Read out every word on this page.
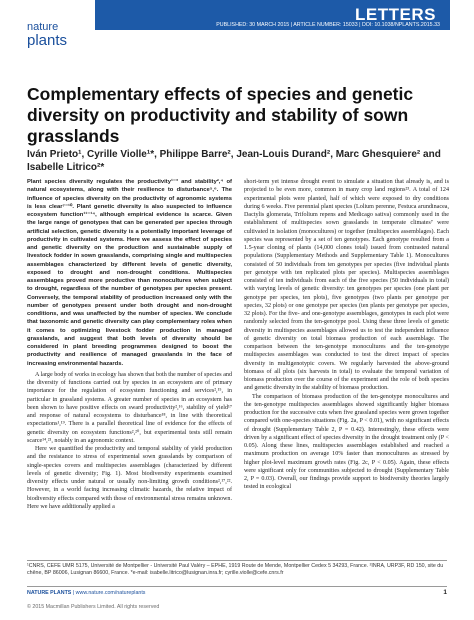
nature
plants
LETTERS
PUBLISHED: 30 MARCH 2015 | ARTICLE NUMBER: 15033 | DOI: 10.1038/NPLANTS.2015.33
Complementary effects of species and genetic diversity on productivity and stability of sown grasslands
Iván Prieto¹, Cyrille Violle¹*, Philippe Barre², Jean-Louis Durand², Marc Ghesquiere² and Isabelle Litrico²*

Plant species diversity regulates the productivity¹⁻³ and stability²,⁴ of natural ecosystems, along with their resilience to disturbance⁵,⁶. The influence of species diversity on the productivity of agronomic systems is less clear⁷⁻¹⁰. Plant genetic diversity is also suspected to influence ecosystem function¹¹⁻¹⁴, although empirical evidence is scarce. Given the large range of genotypes that can be generated per species through artificial selection, genetic diversity is a potentially important leverage of productivity in cultivated systems. Here we assess the effect of species and genetic diversity on the production and sustainable supply of livestock fodder in sown grasslands, comprising single and multispecies assemblages characterized by different levels of genetic diversity, exposed to drought and non-drought conditions. Multispecies assemblages proved more productive than monocultures when subject to drought, regardless of the number of genotypes per species present. Conversely, the temporal stability of production increased only with the number of genotypes present under both drought and non-drought conditions, and was unaffected by the number of species. We conclude that taxonomic and genetic diversity can play complementary roles when it comes to optimizing livestock fodder production in managed grasslands, and suggest that both levels of diversity should be considered in plant breeding programmes designed to boost the productivity and resilience of managed grasslands in the face of increasing environmental hazards.

A large body of works in ecology has shown that both the number of species and the diversity of functions carried out by species in an ecosystem are of primary importance for the regulation of ecosystem functioning and services²,¹⁵, in particular in grassland systems. A greater number of species in an ecosystem has been shown to have positive effects on sward productivity²,¹⁶, stability of yield¹⁷ and response of natural ecosystems to disturbance¹⁸, in line with theoretical expectations¹,¹⁹. There is a parallel theoretical line of evidence for the effects of genetic diversity on ecosystem functions²,²⁰, but experimental tests still remain scarce¹⁴,²¹, notably in an agronomic context.

Here we quantified the productivity and temporal stability of yield production and the resistance to stress of experimental sown grasslands by comparison of single-species covers and multispecies assemblages (characterized by different levels of genetic diversity; Fig. 1). Most biodiversity experiments examined diversity effects under natural or usually non-limiting growth conditions²,¹⁷,²². However, in a world facing increasing climatic hazards, the relative impact of biodiversity effects compared with those of environmental stress remains unknown. Here we have additionally applied a

short-term yet intense drought event to simulate a situation that already is, and is projected to be even more, common in many crop land regions²³. A total of 124 experimental plots were planted, half of which were exposed to dry conditions during 6 weeks. Five perennial plant species (Lolium perenne, Festuca arundinacea, Dactylis glomerata, Trifolium repens and Medicago sativa) commonly used in the establishment of multispecies sown grasslands in temperate climates⁷ were cultivated in isolation (monocultures) or together (multispecies assemblages). Each species was represented by a set of ten genotypes. Each genotype resulted from a 1.5-year cloning of plants (14,000 clones total) issued from contrasted natural populations (Supplementary Methods and Supplementary Table 1). Monocultures consisted of 50 individuals from ten genotypes per species (five individual plants per genotype with ten replicated plots per species). Multispecies assemblages consisted of ten individuals from each of the five species (50 individuals in total) with varying levels of genetic diversity: ten genotypes per species (one plant per genotype per species, ten plots), five genotypes (two plants per genotype per species, 32 plots) or one genotype per species (ten plants per genotype per species, 32 plots). For the five- and one-genotype assemblages, genotypes in each plot were randomly selected from the ten-genotype pool. Using these three levels of genetic diversity in multispecies assemblages allowed us to test the independent influence of genetic diversity on total biomass production of each assemblage. The comparison between the ten-genotype monocultures and the ten-genotype multispecies assemblages was conducted to test the direct impact of species diversity in multigenotypic covers. We regularly harvested the above-ground biomass of all plots (six harvests in total) to evaluate the temporal variation of biomass production over the course of the experiment and the role of both species and genetic diversity in the stability of biomass production.

The comparison of biomass production of the ten-genotype monocultures and the ten-genotype multispecies assemblages showed significantly higher biomass production for the successive cuts when five grassland species were grown together compared with one-species situations (Fig. 2a, P < 0.01), with no significant effects of drought (Supplementary Table 2, P = 0.42). Interestingly, these effects were driven by a significant effect of species diversity in the drought treatment only (P < 0.05). Along these lines, multispecies assemblages established and reached a maximum production on average 10% faster than monocultures as stressed by higher plot-level maximum growth rates (Fig. 2c, P < 0.05). Again, these effects were significant only for communities subjected to drought (Supplementary Table 2, P = 0.03). Overall, our findings provide support to biodiversity theories largely tested in ecological

¹CNRS, CEFE UMR 5175, Université de Montpellier - Université Paul Valéry – EPHE, 1919 Route de Mende, Montpellier Cedex 5 34293, France. ²INRA, URP3F, RD 150, site du chêne, BP 86006, Lusignan 86600, France. *e-mail: isabelle.litrico@lusignan.inra.fr; cyrille.violle@cefe.cnrs.fr
NATURE PLANTS | www.nature.com/natureplants	1
© 2015 Macmillan Publishers Limited. All rights reserved
